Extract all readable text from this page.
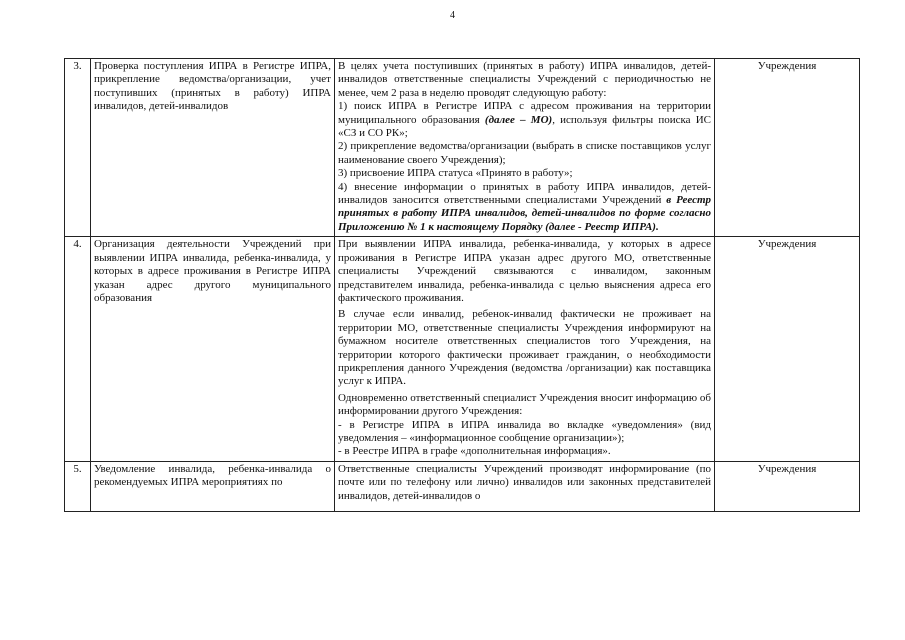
4
3.	Проверка поступления ИПРА в Регистре ИПРА, прикрепление ведомства/организации, учет поступивших (принятых в работу) ИПРА инвалидов, детей-инвалидов	В целях учета поступивших (принятых в работу) ИПРА инвалидов, детей-инвалидов ответственные специалисты Учреждений с периодичностью не менее, чем 2 раза в неделю проводят следующую работу:

1) поиск ИПРА в Регистре ИПРА с адресом проживания на территории муниципального образования (далее – МО), используя фильтры поиска ИС «СЗ и СО РК»;

2) прикрепление ведомства/организации (выбрать в списке поставщиков услуг наименование своего Учреждения);

3) присвоение ИПРА статуса «Принято в работу»;

4) внесение информации о принятых в работу ИПРА инвалидов, детей-инвалидов заносится ответственными специалистами Учреждений в Реестр принятых в работу ИПРА инвалидов, детей-инвалидов по форме согласно Приложению № 1 к настоящему Порядку (далее - Реестр ИПРА).	Учреждения
4.	Организация деятельности Учреждений при выявлении ИПРА инвалида, ребенка-инвалида, у которых в адресе проживания в Регистре ИПРА указан адрес другого муниципального образования	При выявлении ИПРА инвалида, ребенка-инвалида, у которых в адресе проживания в Регистре ИПРА указан адрес другого МО, ответственные специалисты Учреждений связываются с инвалидом, законным представителем инвалида, ребенка-инвалида с целью выяснения адреса его фактического проживания.

В случае если инвалид, ребенок-инвалид фактически не проживает на территории МО, ответственные специалисты Учреждения информируют на бумажном носителе ответственных специалистов того Учреждения, на территории которого фактически проживает гражданин, о необходимости прикрепления данного Учреждения (ведомства /организации) как поставщика услуг к ИПРА.

Одновременно ответственный специалист Учреждения вносит информацию об информировании другого Учреждения:

- в Регистре ИПРА в ИПРА инвалида во вкладке «уведомления» (вид уведомления – «информационное сообщение организации»);

- в Реестре ИПРА в графе «дополнительная информация».	Учреждения
5.	Уведомление инвалида, ребенка-инвалида о рекомендуемых ИПРА мероприятиях по	Ответственные специалисты Учреждений производят информирование (по почте или по телефону или лично) инвалидов или законных представителей инвалидов, детей-инвалидов о	Учреждения
